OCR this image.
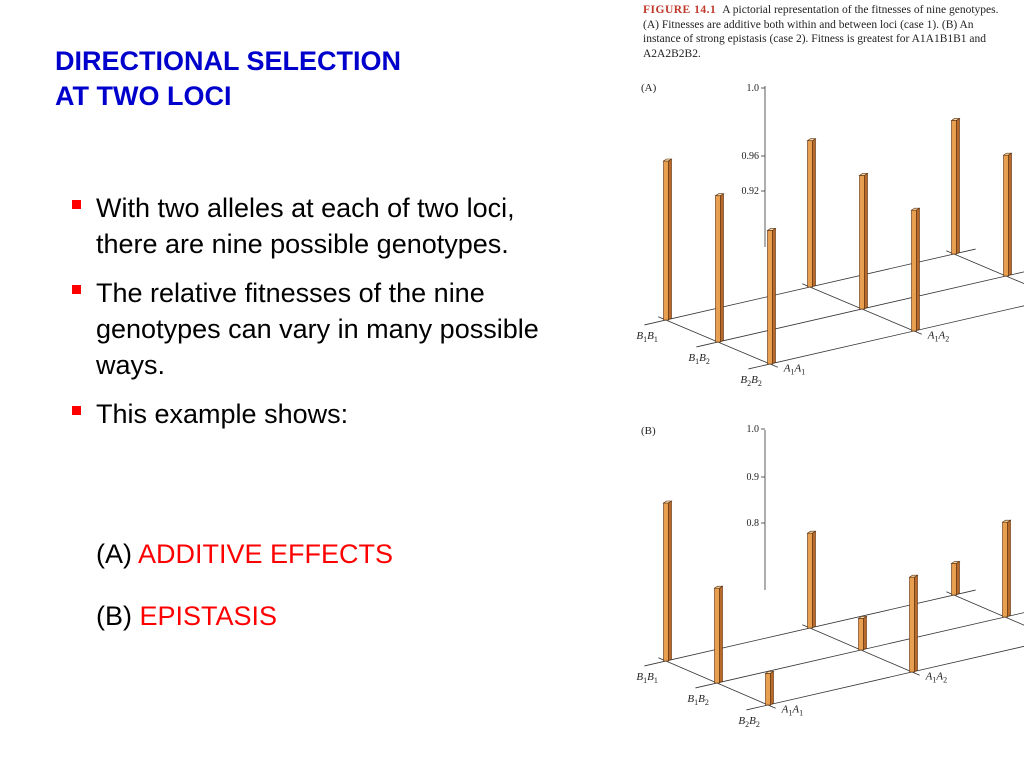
DIRECTIONAL SELECTION
AT TWO LOCI
With two alleles at each of two loci, there are nine possible genotypes.
The relative fitnesses of the nine genotypes can vary in many possible ways.
This example shows:
(A) ADDITIVE EFFECTS
(B) EPISTASIS
FIGURE 14.1 A pictorial representation of the fitnesses of nine genotypes. (A) Fitnesses are additive both within and between loci (case 1). (B) An instance of strong epistasis (case 2). Fitness is greatest for A1A1B1B1 and A2A2B2B2.
(A)	1.0
0.96
0.92
$B_1B_1$
$B_1B_2$
$B_2B_2$
$A_1A_1$
$A_1A_2$
(B)	1.0
0.9
0.8
$B_1B_1$
$B_1B_2$
$B_2B_2$
$A_1A_1$
$A_1A_2$
